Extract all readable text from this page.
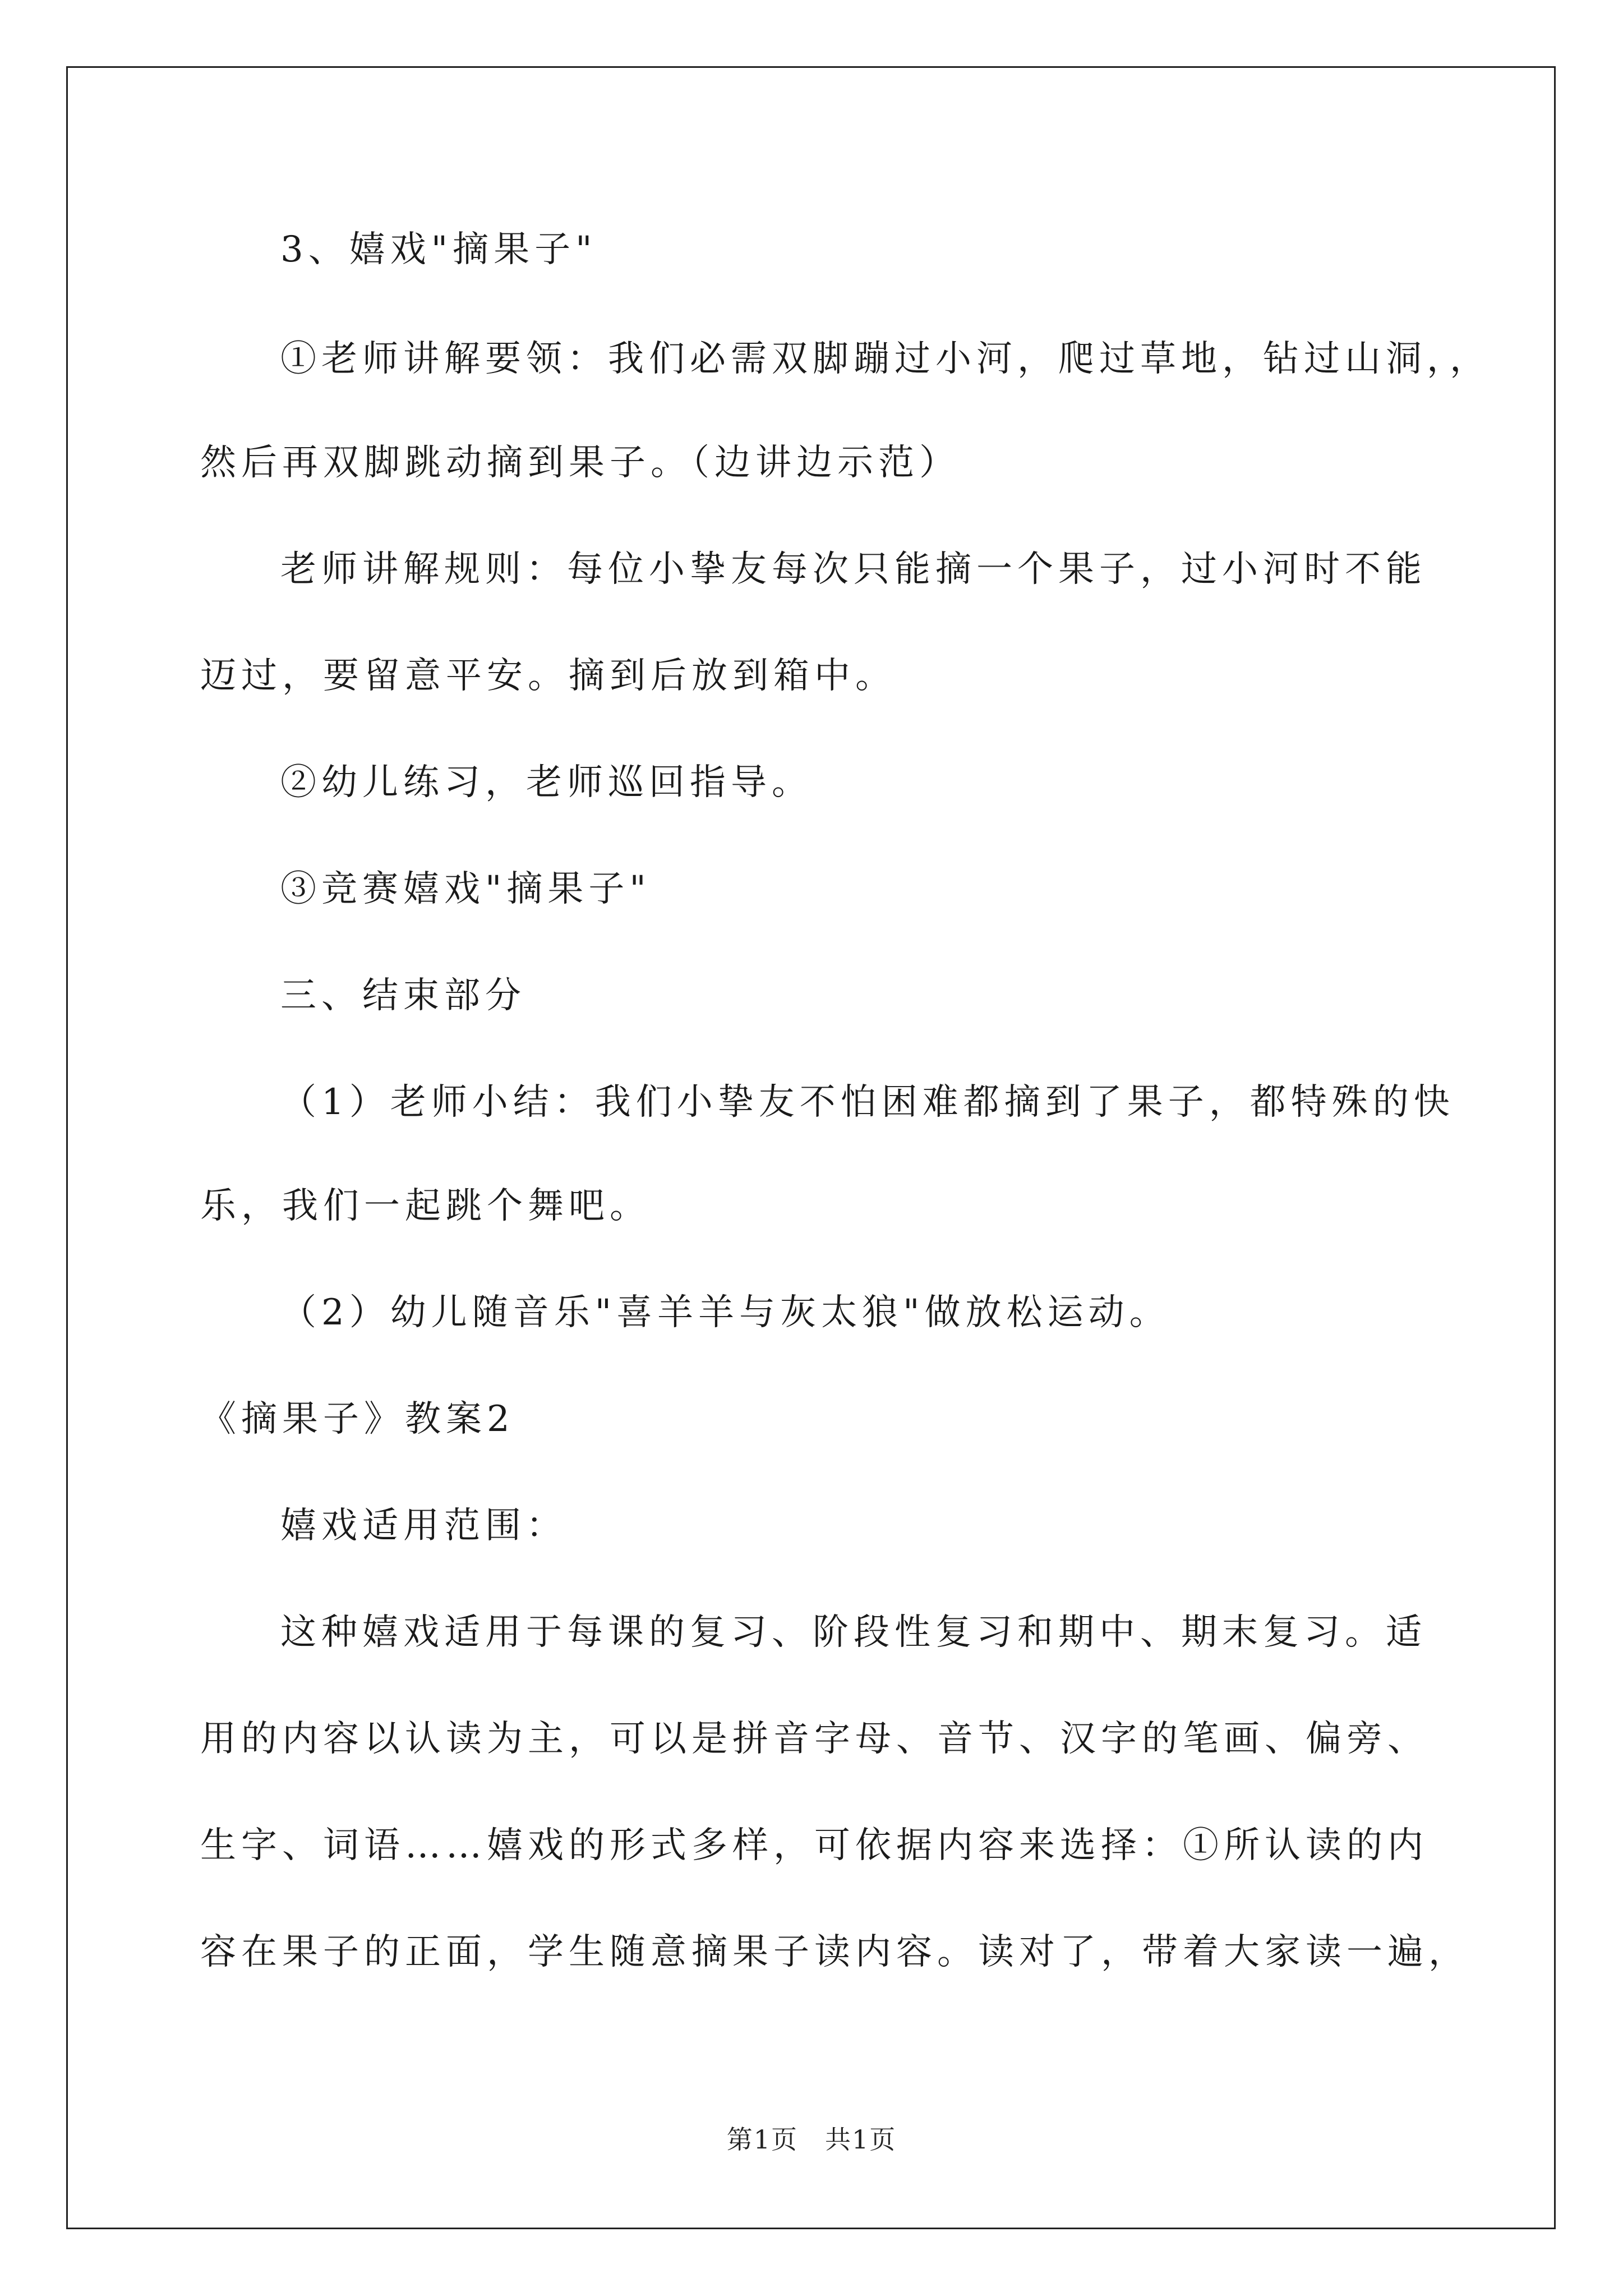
3、嬉戏"摘果子"
①老师讲解要领：我们必需双脚蹦过小河，爬过草地，钻过山洞，，
然后再双脚跳动摘到果子。（边讲边示范）
老师讲解规则：每位小挚友每次只能摘一个果子，过小河时不能
迈过，要留意平安。摘到后放到箱中。
②幼儿练习，老师巡回指导。
③竞赛嬉戏"摘果子"
三、结束部分
（1）老师小结：我们小挚友不怕困难都摘到了果子，都特殊的快
乐，我们一起跳个舞吧。
（2）幼儿随音乐"喜羊羊与灰太狼"做放松运动。
《摘果子》教案2
嬉戏适用范围：
这种嬉戏适用于每课的复习、阶段性复习和期中、期末复习。适
用的内容以认读为主，可以是拼音字母、音节、汉字的笔画、偏旁、
生字、词语……嬉戏的形式多样，可依据内容来选择：①所认读的内
容在果子的正面，学生随意摘果子读内容。读对了，带着大家读一遍，
第1页　共1页
